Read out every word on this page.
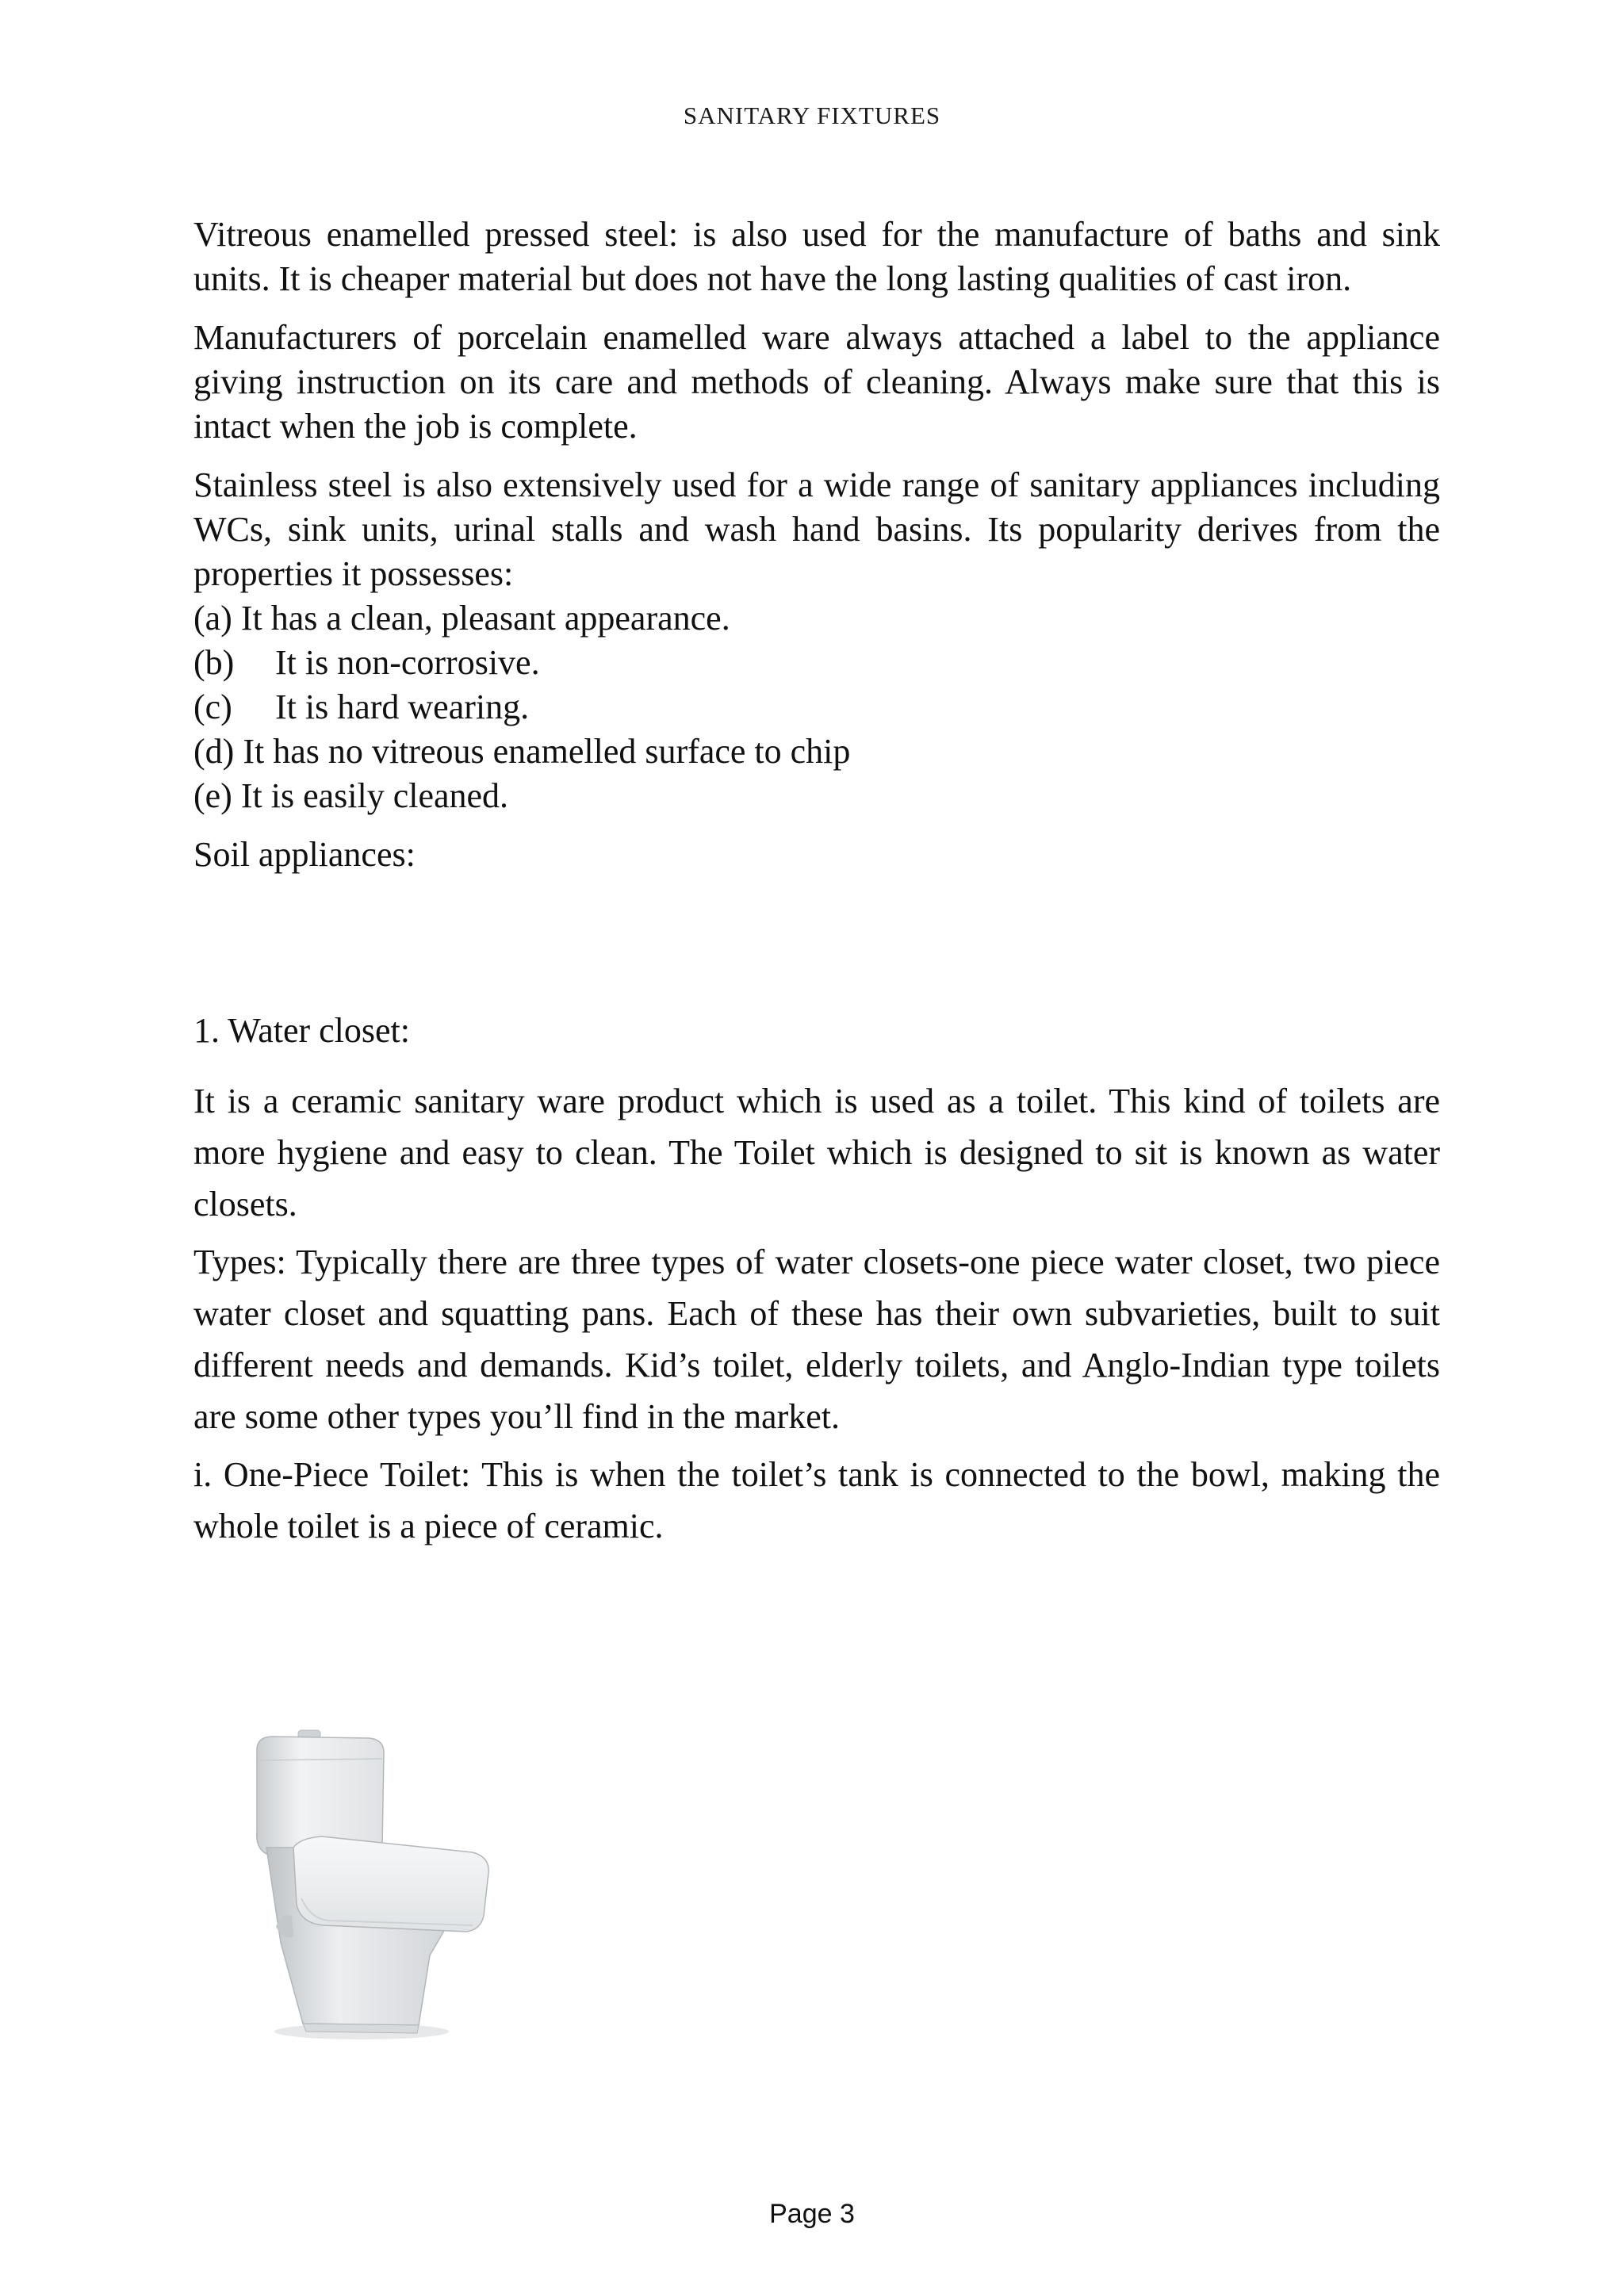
SANITARY FIXTURES

Vitreous enamelled pressed steel: is also used for the manufacture of baths and sink units. It is cheaper material but does not have the long lasting qualities of cast iron.

Manufacturers of porcelain enamelled ware always attached a label to the appliance giving instruction on its care and methods of cleaning. Always make sure that this is intact when the job is complete.

Stainless steel is also extensively used for a wide range of sanitary appliances including WCs, sink units, urinal stalls and wash hand basins. Its popularity derives from the properties it possesses:

(a) It has a clean, pleasant appearance.
(b) It is non-corrosive.
(c) It is hard wearing.
(d) It has no vitreous enamelled surface to chip
(e) It is easily cleaned.

Soil appliances:

1. Water closet:

It is a ceramic sanitary ware product which is used as a toilet. This kind of toilets are more hygiene and easy to clean. The Toilet which is designed to sit is known as water closets.

Types: Typically there are three types of water closets-one piece water closet, two piece water closet and squatting pans. Each of these has their own subvarieties, built to suit different needs and demands. Kid’s toilet, elderly toilets, and Anglo-Indian type toilets are some other types you’ll find in the market.

i. One-Piece Toilet: This is when the toilet’s tank is connected to the bowl, making the whole toilet is a piece of ceramic.

Page 3
